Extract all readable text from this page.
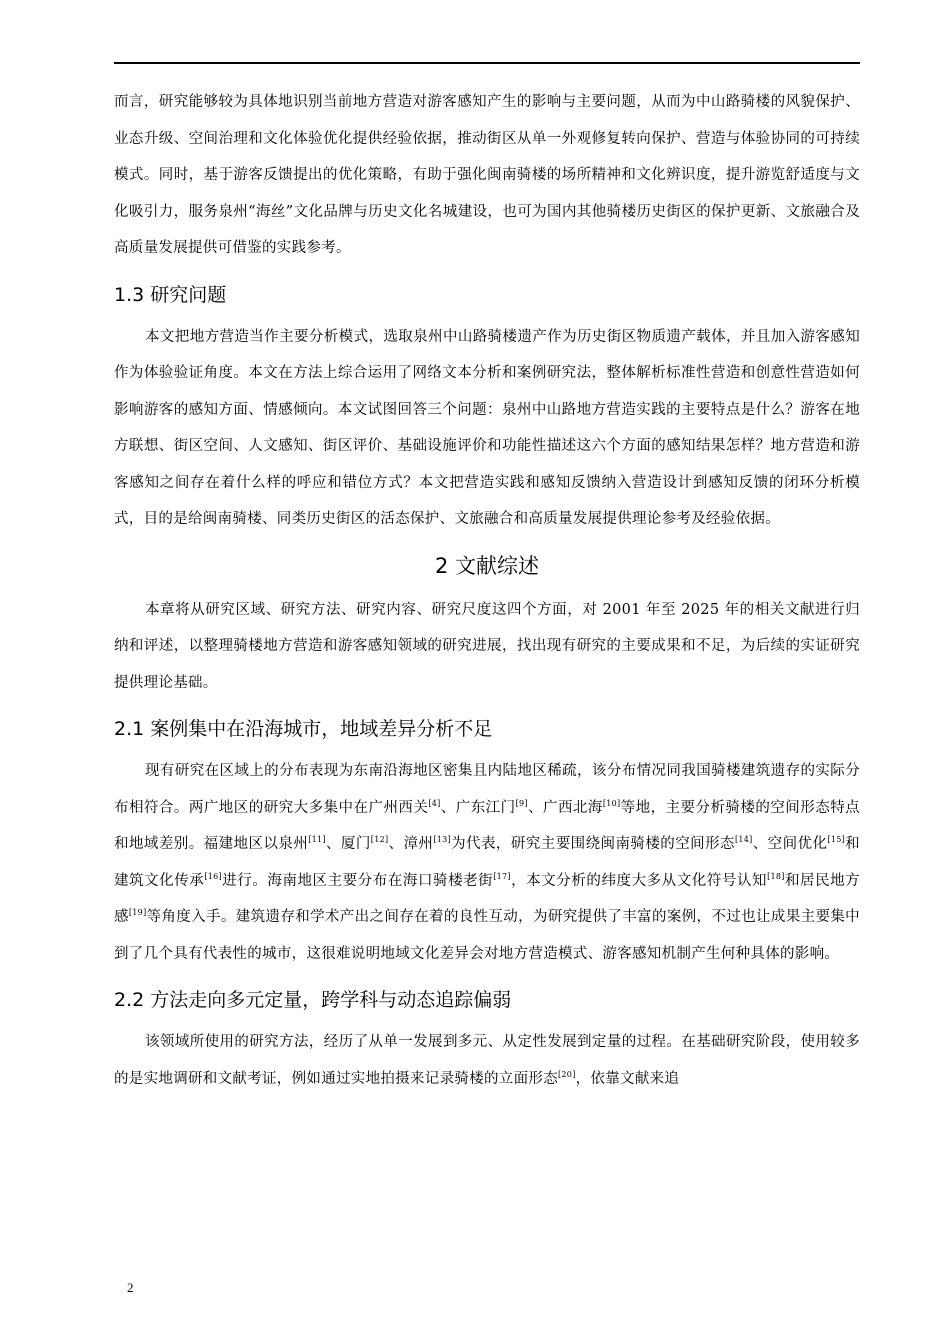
而言，研究能够较为具体地识别当前地方营造对游客感知产生的影响与主要问题，从而为中山路骑楼的风貌保护、业态升级、空间治理和文化体验优化提供经验依据，推动街区从单一外观修复转向保护、营造与体验协同的可持续模式。同时，基于游客反馈提出的优化策略，有助于强化闽南骑楼的场所精神和文化辨识度，提升游览舒适度与文化吸引力，服务泉州“海丝”文化品牌与历史文化名城建设，也可为国内其他骑楼历史街区的保护更新、文旅融合及高质量发展提供可借鉴的实践参考。

1.3 研究问题

本文把地方营造当作主要分析模式，选取泉州中山路骑楼遗产作为历史街区物质遗产载体，并且加入游客感知作为体验验证角度。本文在方法上综合运用了网络文本分析和案例研究法，整体解析标准性营造和创意性营造如何影响游客的感知方面、情感倾向。本文试图回答三个问题：泉州中山路地方营造实践的主要特点是什么？游客在地方联想、街区空间、人文感知、街区评价、基础设施评价和功能性描述这六个方面的感知结果怎样？地方营造和游客感知之间存在着什么样的呼应和错位方式？本文把营造实践和感知反馈纳入营造设计到感知反馈的闭环分析模式，目的是给闽南骑楼、同类历史街区的活态保护、文旅融合和高质量发展提供理论参考及经验依据。

2 文献综述

本章将从研究区域、研究方法、研究内容、研究尺度这四个方面，对 2001 年至 2025 年的相关文献进行归纳和评述，以整理骑楼地方营造和游客感知领域的研究进展，找出现有研究的主要成果和不足，为后续的实证研究提供理论基础。

2.1 案例集中在沿海城市，地域差异分析不足

现有研究在区域上的分布表现为东南沿海地区密集且内陆地区稀疏，该分布情况同我国骑楼建筑遗存的实际分布相符合。两广地区的研究大多集中在广州西关[4]、广东江门[9]、广西北海[10]等地，主要分析骑楼的空间形态特点和地域差别。福建地区以泉州[11]、厦门[12]、漳州[13]为代表，研究主要围绕闽南骑楼的空间形态[14]、空间优化[15]和建筑文化传承[16]进行。海南地区主要分布在海口骑楼老街[17]，本文分析的纬度大多从文化符号认知[18]和居民地方感[19]等角度入手。建筑遗存和学术产出之间存在着的良性互动，为研究提供了丰富的案例，不过也让成果主要集中到了几个具有代表性的城市，这很难说明地域文化差异会对地方营造模式、游客感知机制产生何种具体的影响。

2.2 方法走向多元定量，跨学科与动态追踪偏弱

该领域所使用的研究方法，经历了从单一发展到多元、从定性发展到定量的过程。在基础研究阶段，使用较多的是实地调研和文献考证，例如通过实地拍摄来记录骑楼的立面形态[20]，依靠文献来追

2
